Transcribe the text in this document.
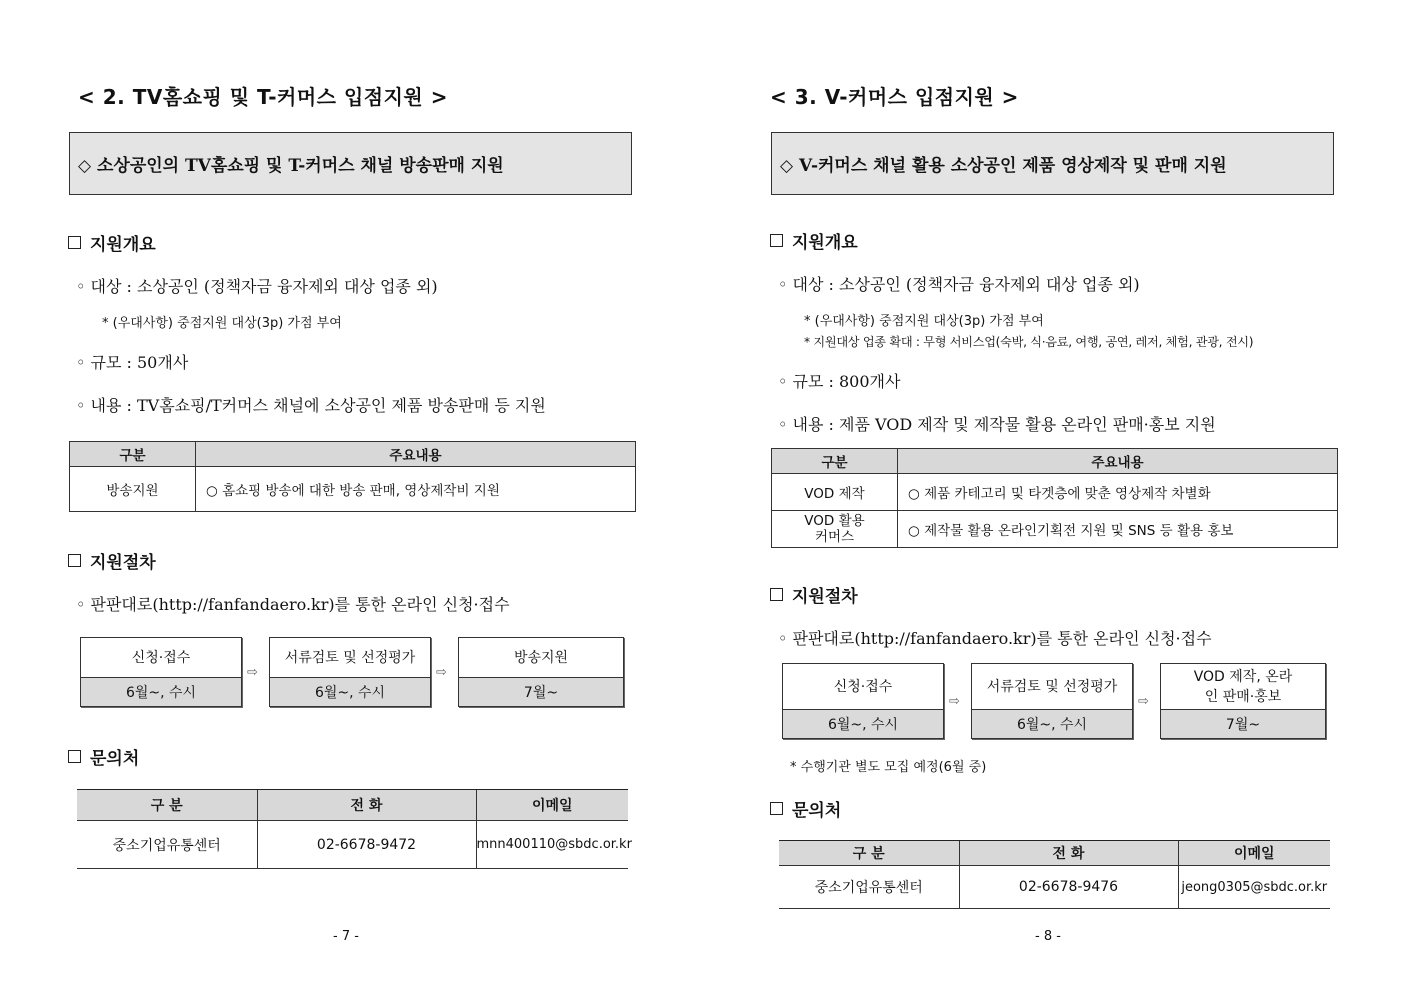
< 2. TV홈쇼핑 및 T-커머스 입점지원 >
◇ 소상공인의 TV홈쇼핑 및 T-커머스 채널 방송판매 지원
지원개요
◦ 대상 : 소상공인 (정책자금 융자제외 대상 업종 외)
* (우대사항) 중점지원 대상(3p) 가점 부여
◦ 규모 : 50개사
◦ 내용 : TV홈쇼핑/T커머스 채널에 소상공인 제품 방송판매 등 지원
구분	주요내용
방송지원	○ 홈쇼핑 방송에 대한 방송 판매, 영상제작비 지원
지원절차
◦ 판판대로(http://fanfandaero.kr)를 통한 온라인 신청·접수
신청·접수
6월~, 수시
⇨
서류검토 및 선정평가
6월~, 수시
⇨
방송지원
7월~
문의처
구 분	전 화	이메일
중소기업유통센터	02-6678-9472	mnn400110@sbdc.or.kr
- 7 -
< 3. V-커머스 입점지원 >
◇ V-커머스 채널 활용 소상공인 제품 영상제작 및 판매 지원
지원개요
◦ 대상 : 소상공인 (정책자금 융자제외 대상 업종 외)
* (우대사항) 중점지원 대상(3p) 가점 부여
* 지원대상 업종 확대 : 무형 서비스업(숙박, 식·음료, 여행, 공연, 레저, 체험, 관광, 전시)
◦ 규모 : 800개사
◦ 내용 : 제품 VOD 제작 및 제작물 활용 온라인 판매·홍보 지원
구분	주요내용
VOD 제작	○ 제품 카테고리 및 타겟층에 맞춘 영상제작 차별화

VOD 활용 커머스	○ 제작물 활용 온라인기획전 지원 및 SNS 등 활용 홍보
지원절차
◦ 판판대로(http://fanfandaero.kr)를 통한 온라인 신청·접수
신청·접수
6월~, 수시
⇨
서류검토 및 선정평가
6월~, 수시
⇨
VOD 제작, 온라인 판매·홍보
7월~
* 수행기관 별도 모집 예정(6월 중)
문의처
구 분	전 화	이메일
중소기업유통센터	02-6678-9476	jeong0305@sbdc.or.kr
- 8 -
